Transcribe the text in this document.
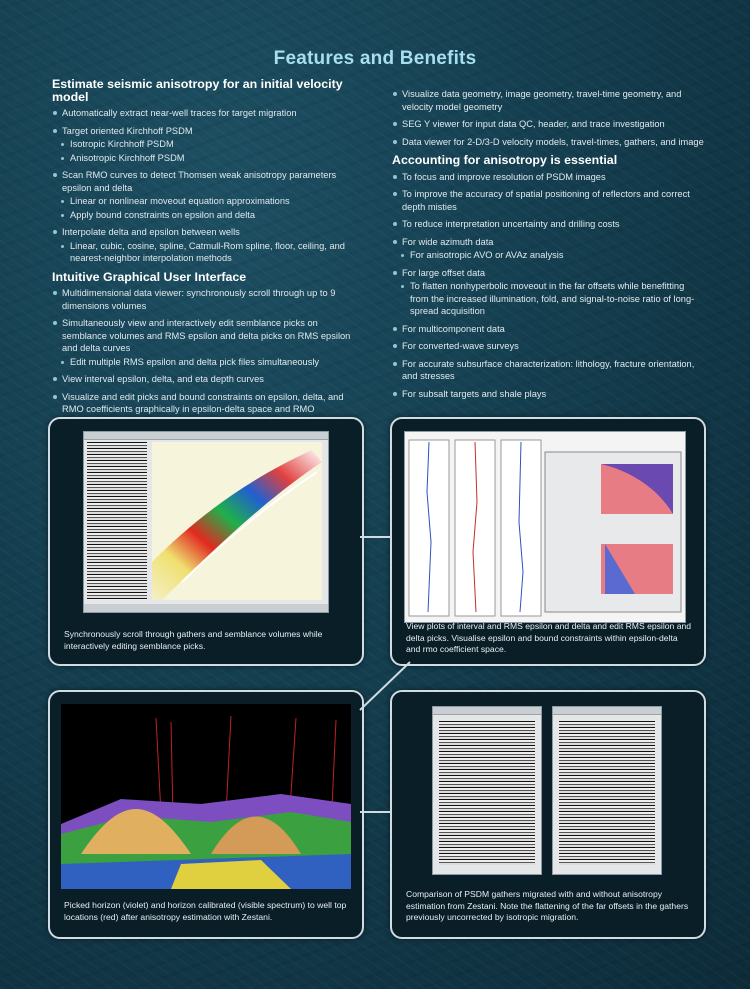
Features and Benefits
Estimate seismic anisotropy for an initial velocity model
Automatically extract near-well traces for target migration
Target oriented Kirchhoff PSDM
Isotropic Kirchhoff PSDM
Anisotropic Kirchhoff PSDM
Scan RMO curves to detect Thomsen weak anisotropy parameters epsilon and delta
Linear or nonlinear moveout equation approximations
Apply bound constraints on epsilon and delta
Interpolate delta and epsilon between wells
Linear, cubic, cosine, spline, Catmull-Rom spline, floor, ceiling, and nearest-neighbor interpolation methods
Intuitive Graphical User Interface
Multidimensional data viewer: synchronously scroll through up to 9 dimensions volumes
Simultaneously view and interactively edit semblance picks on semblance volumes and RMS epsilon and delta picks on RMS epsilon and delta curves
Edit multiple RMS epsilon and delta pick files simultaneously
View interval epsilon, delta, and eta depth curves
Visualize and edit picks and bound constraints on epsilon, delta, and RMO coefficients graphically in epsilon-delta space and RMO
Visualize data geometry, image geometry, travel-time geometry, and velocity model geometry
SEG Y viewer for input data QC, header, and trace investigation
Data viewer for 2-D/3-D velocity models, travel-times, gathers, and image
Accounting for anisotropy is essential
To focus and improve resolution of PSDM images
To improve the accuracy of spatial positioning of reflectors and correct depth misties
To reduce interpretation uncertainty and drilling costs
For wide azimuth data
For anisotropic AVO or AVAz analysis
For large offset data
To flatten nonhyperbolic moveout in the far offsets while benefitting from the increased illumination, fold, and signal-to-noise ratio of long-spread acquisition
For multicomponent data
For converted-wave surveys
For accurate subsurface characterization: lithology, fracture orientation, and stresses
For subsalt targets and shale plays
Synchronously scroll through gathers and semblance volumes while interactively editing semblance picks.
View plots of interval and RMS epsilon and delta and edit RMS epsilon and delta picks. Visualise epsilon and bound constraints within epsilon-delta and rmo coefficient space.
Picked horizon (violet) and horizon calibrated (visible spectrum) to well top locations (red) after anisotropy estimation with Zestani.
Comparison of PSDM gathers migrated with and without anisotropy estimation from Zestani. Note the flattening of the far offsets in the gathers previously uncorrected by isotropic migration.
